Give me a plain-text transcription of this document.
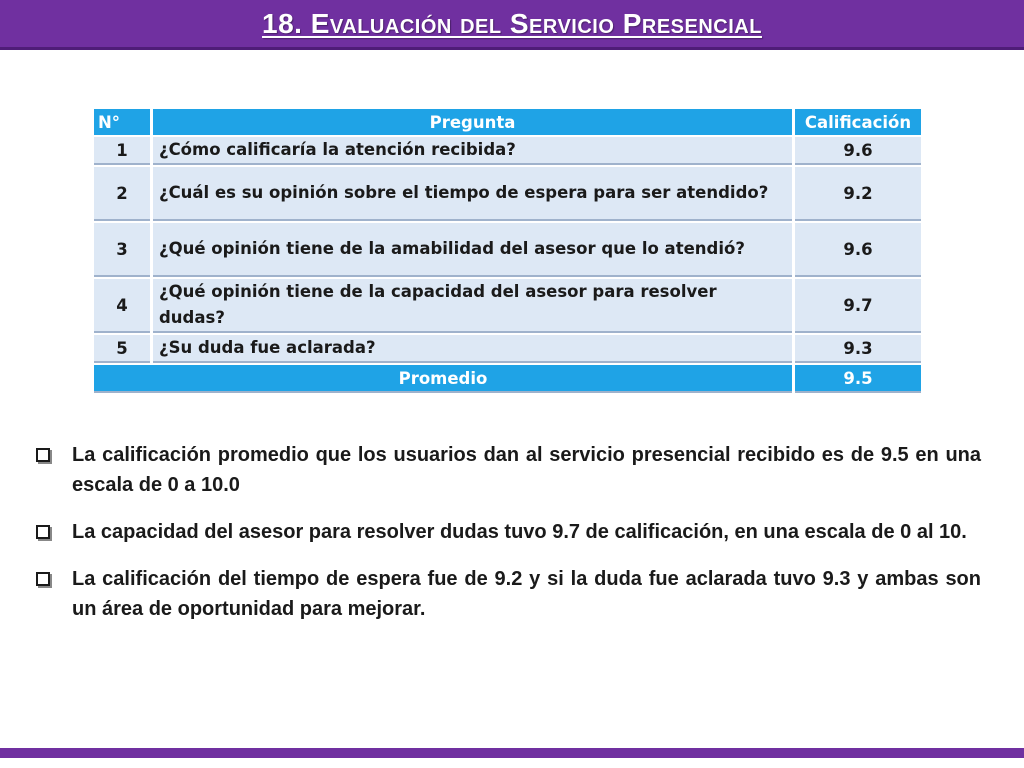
18. Evaluación del Servicio Presencial
N°	Pregunta	Calificación
1	¿Cómo calificaría la atención recibida?	9.6
2	¿Cuál es su opinión sobre el tiempo de espera para ser atendido?	9.2
3	¿Qué opinión tiene de la amabilidad del asesor que lo atendió?	9.6
4	¿Qué opinión tiene de la capacidad del asesor para resolver dudas?	9.7
5	¿Su duda fue aclarada?	9.3
Promedio		9.5
La calificación promedio que los usuarios dan al servicio presencial recibido es de 9.5 en una escala de 0 a 10.0
La capacidad del asesor para resolver dudas tuvo 9.7 de calificación, en una escala de 0 al 10.
La calificación del tiempo de espera fue de 9.2 y si la duda fue aclarada tuvo 9.3 y ambas son un área de oportunidad para mejorar.
